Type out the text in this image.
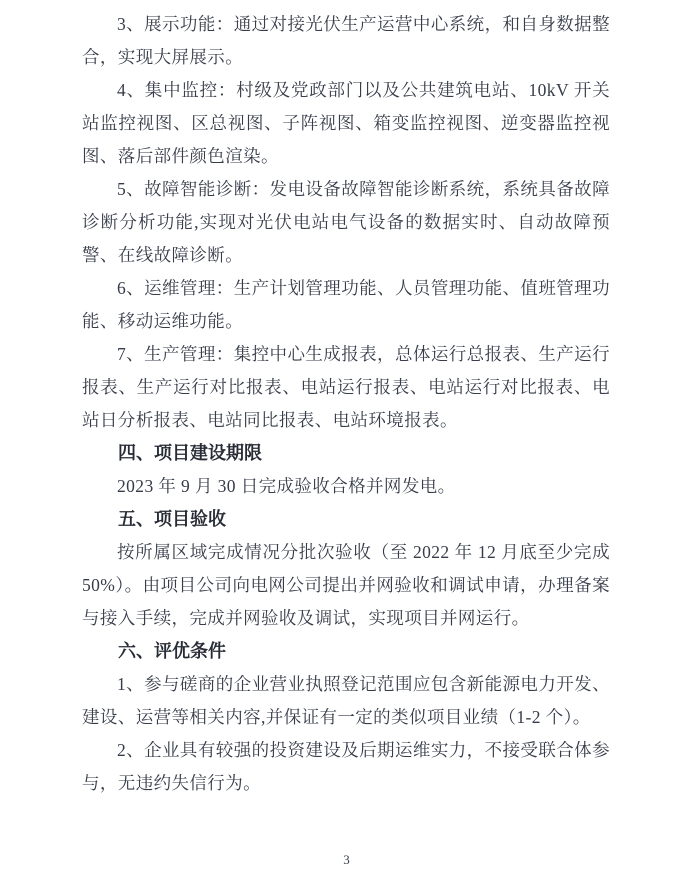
3、展示功能：通过对接光伏生产运营中心系统，和自身数据整合，实现大屏展示。

4、集中监控：村级及党政部门以及公共建筑电站、10kV 开关站监控视图、区总视图、子阵视图、箱变监控视图、逆变器监控视图、落后部件颜色渲染。

5、故障智能诊断：发电设备故障智能诊断系统，系统具备故障诊断分析功能,实现对光伏电站电气设备的数据实时、自动故障预警、在线故障诊断。

6、运维管理：生产计划管理功能、人员管理功能、值班管理功能、移动运维功能。

7、生产管理：集控中心生成报表，总体运行总报表、生产运行报表、生产运行对比报表、电站运行报表、电站运行对比报表、电站日分析报表、电站同比报表、电站环境报表。

四、项目建设期限

2023 年 9 月 30 日完成验收合格并网发电。

五、项目验收

按所属区域完成情况分批次验收（至 2022 年 12 月底至少完成 50%）。由项目公司向电网公司提出并网验收和调试申请，办理备案与接入手续，完成并网验收及调试，实现项目并网运行。

六、评优条件

1、参与磋商的企业营业执照登记范围应包含新能源电力开发、建设、运营等相关内容,并保证有一定的类似项目业绩（1-2 个）。

2、企业具有较强的投资建设及后期运维实力，不接受联合体参与，无违约失信行为。

3
